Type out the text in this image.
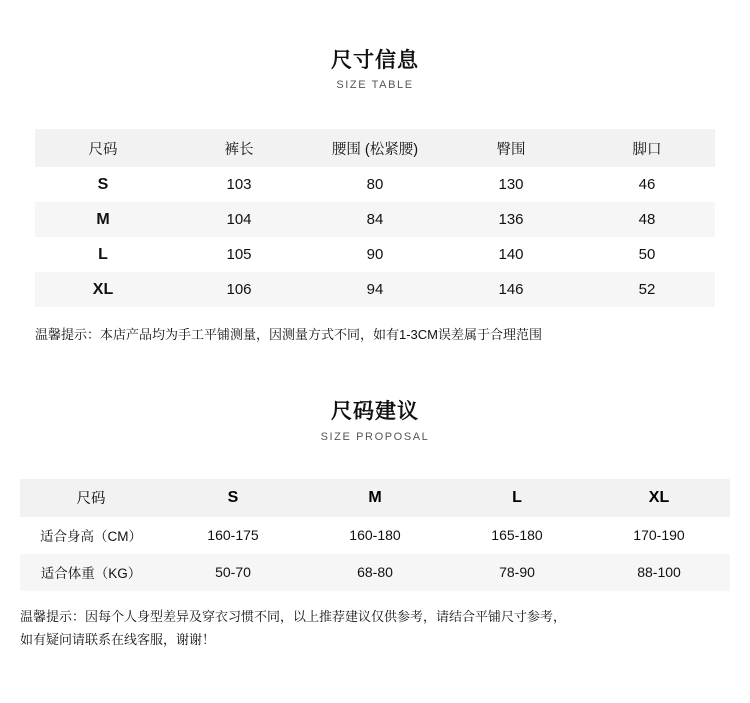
尺寸信息
SIZE TABLE
尺码	裤长	腰围 (松紧腰)	臀围	脚口
S	103	80	130	46
M	104	84	136	48
L	105	90	140	50
XL	106	94	146	52
温馨提示：本店产品均为手工平铺测量，因测量方式不同，如有1-3CM误差属于合理范围
尺码建议
SIZE PROPOSAL
尺码	S	M	L	XL
适合身高（CM）	160-175	160-180	165-180	170-190
适合体重（KG）	50-70	68-80	78-90	88-100
温馨提示：因每个人身型差异及穿衣习惯不同，以上推荐建议仅供参考，请结合平铺尺寸参考，
如有疑问请联系在线客服，谢谢！
